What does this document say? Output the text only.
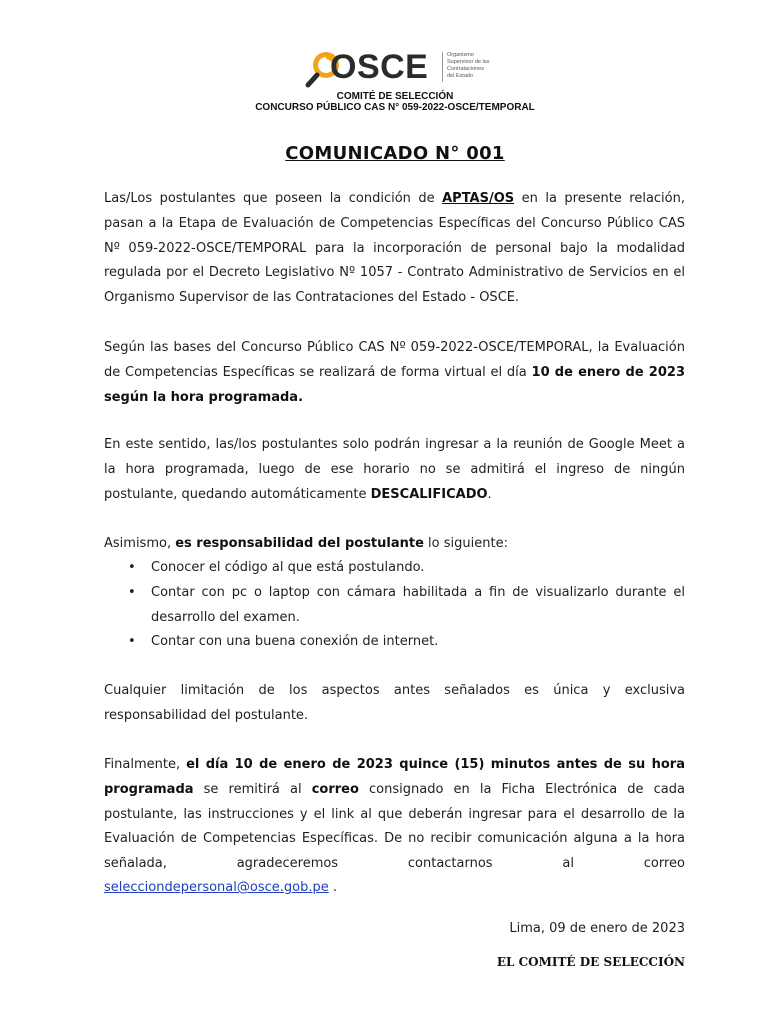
OSCE	Organismo
Supervisor de las
Contrataciones
del Estado
COMITÉ DE SELECCIÓN
CONCURSO PÚBLICO CAS N° 059-2022-OSCE/TEMPORAL
COMUNICADO N° 001
Las/Los postulantes que poseen la condición de APTAS/OS en la presente relación, pasan a la Etapa de Evaluación de Competencias Específicas del Concurso Público CAS Nº 059-2022-OSCE/TEMPORAL para la incorporación de personal bajo la modalidad regulada por el Decreto Legislativo Nº 1057 - Contrato Administrativo de Servicios en el Organismo Supervisor de las Contrataciones del Estado - OSCE.
Según las bases del Concurso Público CAS Nº 059-2022-OSCE/TEMPORAL, la Evaluación de Competencias Específicas se realizará de forma virtual el día 10 de enero de 2023 según la hora programada.
En este sentido, las/los postulantes solo podrán ingresar a la reunión de Google Meet a la hora programada, luego de ese horario no se admitirá el ingreso de ningún postulante, quedando automáticamente DESCALIFICADO.
Asimismo, es responsabilidad del postulante lo siguiente:
• Conocer el código al que está postulando.
• Contar con pc o laptop con cámara habilitada a fin de visualizarlo durante el desarrollo del examen.
• Contar con una buena conexión de internet.
Cualquier limitación de los aspectos antes señalados es única y exclusiva responsabilidad del postulante.
Finalmente, el día 10 de enero de 2023 quince (15) minutos antes de su hora programada se remitirá al correo consignado en la Ficha Electrónica de cada postulante, las instrucciones y el link al que deberán ingresar para el desarrollo de la Evaluación de Competencias Específicas. De no recibir comunicación alguna a la hora señalada, agradeceremos contactarnos al correo
selecciondepersonal@osce.gob.pe .
Lima, 09 de enero de 2023
EL COMITÉ DE SELECCIÓN
